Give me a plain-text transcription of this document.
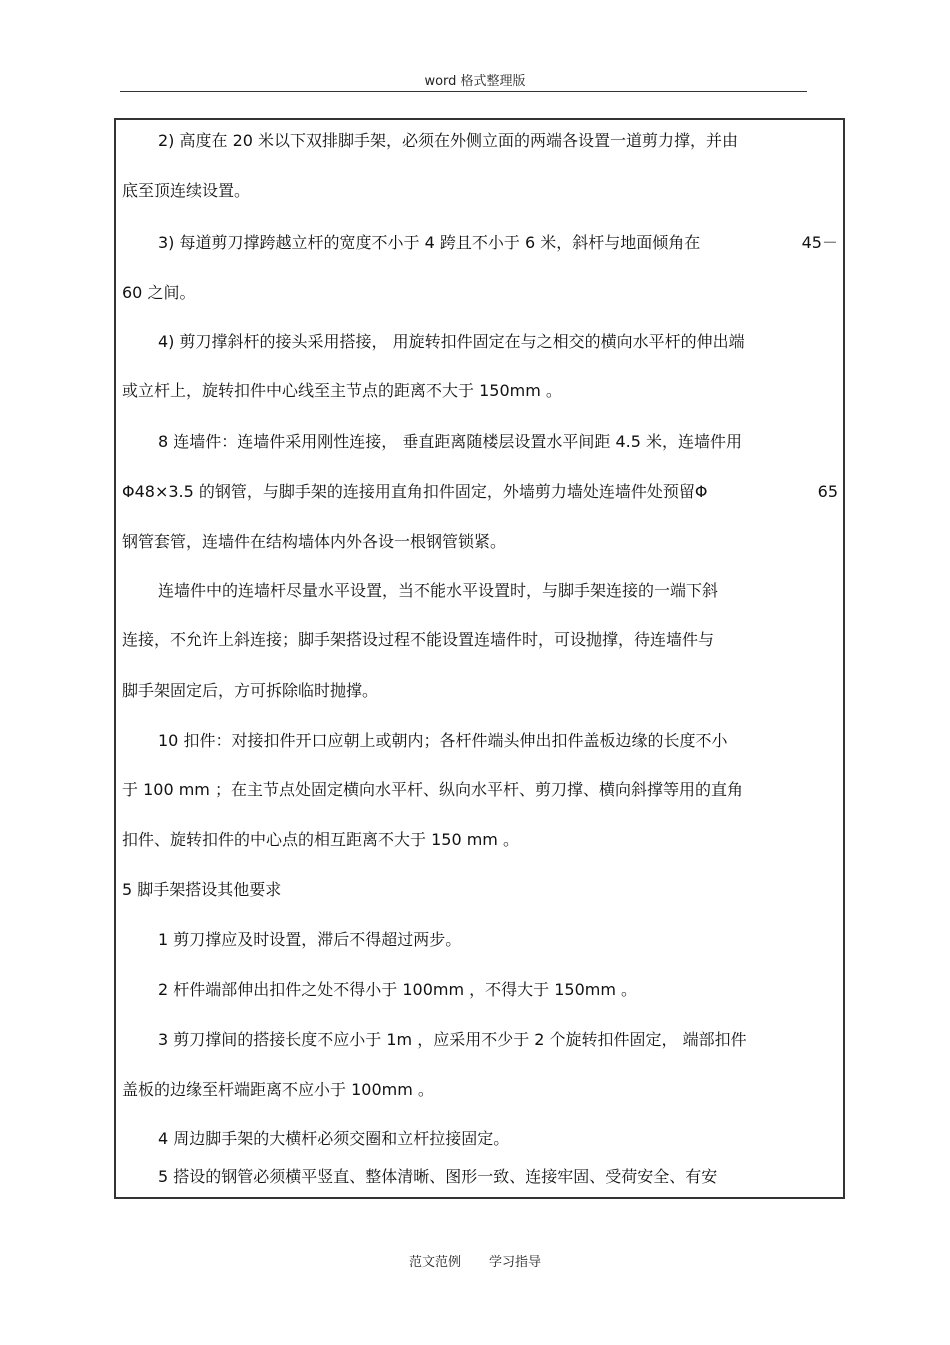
word 格式整理版
2) 高度在 20 米以下双排脚手架，必须在外侧立面的两端各设置一道剪力撑，并由
底至顶连续设置。
3) 每道剪刀撑跨越立杆的宽度不小于 4 跨且不小于 6 米，斜杆与地面倾角在	45－
60 之间。
4) 剪刀撑斜杆的接头采用搭接， 用旋转扣件固定在与之相交的横向水平杆的伸出端
或立杆上，旋转扣件中心线至主节点的距离不大于 150mm 。
8 连墙件：连墙件采用刚性连接， 垂直距离随楼层设置水平间距 4.5 米，连墙件用
Φ48×3.5 的钢管，与脚手架的连接用直角扣件固定，外墙剪力墙处连墙件处预留Φ	65
钢管套管，连墙件在结构墙体内外各设一根钢管锁紧。
连墙件中的连墙杆尽量水平设置，当不能水平设置时，与脚手架连接的一端下斜
连接，不允许上斜连接；脚手架搭设过程不能设置连墙件时，可设抛撑，待连墙件与
脚手架固定后，方可拆除临时抛撑。
10 扣件：对接扣件开口应朝上或朝内；各杆件端头伸出扣件盖板边缘的长度不小
于 100 mm ；在主节点处固定横向水平杆、纵向水平杆、剪刀撑、横向斜撑等用的直角
扣件、旋转扣件的中心点的相互距离不大于 150 mm 。
5 脚手架搭设其他要求
1 剪刀撑应及时设置，滞后不得超过两步。
2 杆件端部伸出扣件之处不得小于 100mm ，不得大于 150mm 。
3 剪刀撑间的搭接长度不应小于 1m ，应采用不少于 2 个旋转扣件固定， 端部扣件
盖板的边缘至杆端距离不应小于 100mm 。
4 周边脚手架的大横杆必须交圈和立杆拉接固定。
5 搭设的钢管必须横平竖直、整体清晰、图形一致、连接牢固、受荷安全、有安
范文范例 学习指导
